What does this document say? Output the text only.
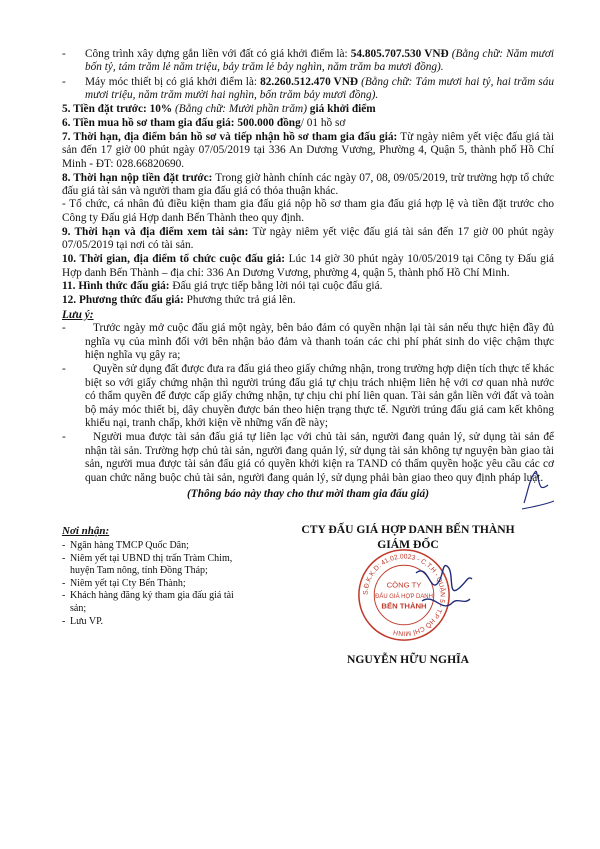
- Công trình xây dựng gắn liền với đất có giá khởi điểm là: 54.805.707.530 VNĐ (Bằng chữ: Năm mươi bốn tỷ, tám trăm lẻ năm triệu, bảy trăm lẻ bảy nghìn, năm trăm ba mươi đồng).

- Máy móc thiết bị có giá khởi điểm là: 82.260.512.470 VNĐ (Bằng chữ: Tám mươi hai tỷ, hai trăm sáu mươi triệu, năm trăm mười hai nghìn, bốn trăm bảy mươi đồng).

5. Tiền đặt trước: 10% (Bằng chữ: Mười phần trăm) giá khởi điểm

6. Tiền mua hồ sơ tham gia đấu giá: 500.000 đồng/ 01 hồ sơ

7. Thời hạn, địa điểm bán hồ sơ và tiếp nhận hồ sơ tham gia đấu giá: Từ ngày niêm yết việc đấu giá tài sản đến 17 giờ 00 phút ngày 07/05/2019 tại 336 An Dương Vương, Phường 4, Quận 5, thành phố Hồ Chí Minh - ĐT: 028.66820690.

8. Thời hạn nộp tiền đặt trước: Trong giờ hành chính các ngày 07, 08, 09/05/2019, trừ trường hợp tổ chức đấu giá tài sản và người tham gia đấu giá có thỏa thuận khác.

- Tổ chức, cá nhân đủ điều kiện tham gia đấu giá nộp hồ sơ tham gia đấu giá hợp lệ và tiền đặt trước cho Công ty Đấu giá Hợp danh Bến Thành theo quy định.

9. Thời hạn và địa điểm xem tài sản: Từ ngày niêm yết việc đấu giá tài sản đến 17 giờ 00 phút ngày 07/05/2019 tại nơi có tài sản.

10. Thời gian, địa điểm tổ chức cuộc đấu giá: Lúc 14 giờ 30 phút ngày 10/05/2019 tại Công ty Đấu giá Hợp danh Bến Thành – địa chỉ: 336 An Dương Vương, phường 4, quận 5, thành phố Hồ Chí Minh.

11. Hình thức đấu giá: Đấu giá trực tiếp bằng lời nói tại cuộc đấu giá.

12. Phương thức đấu giá: Phương thức trả giá lên.

Lưu ý:

- Trước ngày mở cuộc đấu giá một ngày, bên bảo đảm có quyền nhận lại tài sản nếu thực hiện đầy đủ nghĩa vụ của mình đối với bên nhận bảo đảm và thanh toán các chi phí phát sinh do việc chậm thực hiện nghĩa vụ gây ra;

- Quyền sử dụng đất được đưa ra đấu giá theo giấy chứng nhận, trong trường hợp diện tích thực tế khác biệt so với giấy chứng nhận thì người trúng đấu giá tự chịu trách nhiệm liên hệ với cơ quan nhà nước có thẩm quyền để được cấp giấy chứng nhận, tự chịu chi phí liên quan. Tài sản gắn liền với đất và toàn bộ máy móc thiết bị, dây chuyền được bán theo hiện trạng thực tế. Người trúng đấu giá cam kết không khiếu nại, tranh chấp, khởi kiện về những vấn đề này;

- Người mua được tài sản đấu giá tự liên lạc với chủ tài sản, người đang quản lý, sử dụng tài sản để nhận tài sản. Trường hợp chủ tài sản, người đang quản lý, sử dụng tài sản không tự nguyện bàn giao tài sản, người mua được tài sản đấu giá có quyền khởi kiện ra TAND có thẩm quyền hoặc yêu cầu các cơ quan chức năng buộc chủ tài sản, người đang quản lý, sử dụng phải bàn giao theo quy định pháp luật.

(Thông báo này thay cho thư mời tham gia đấu giá)

Nơi nhận:
- Ngân hàng TMCP Quốc Dân;
- Niêm yết tại UBND thị trấn Tràm Chim, huyện Tam nông, tỉnh Đồng Tháp;
- Niêm yết tại Cty Bến Thành;
- Khách hàng đăng ký tham gia đấu giá tài sản;
- Lưu VP.
CTY ĐẤU GIÁ HỢP DANH BẾN THÀNH
GIÁM ĐỐC
S.Đ.K.K.D: 41.02.0023 - C.T.H - QUẬN 5 - T.P HỒ CHÍ MINH
CÔNG TY
ĐẤU GIÁ HỢP DANH
BẾN THÀNH
NGUYỄN HỮU NGHĨA
